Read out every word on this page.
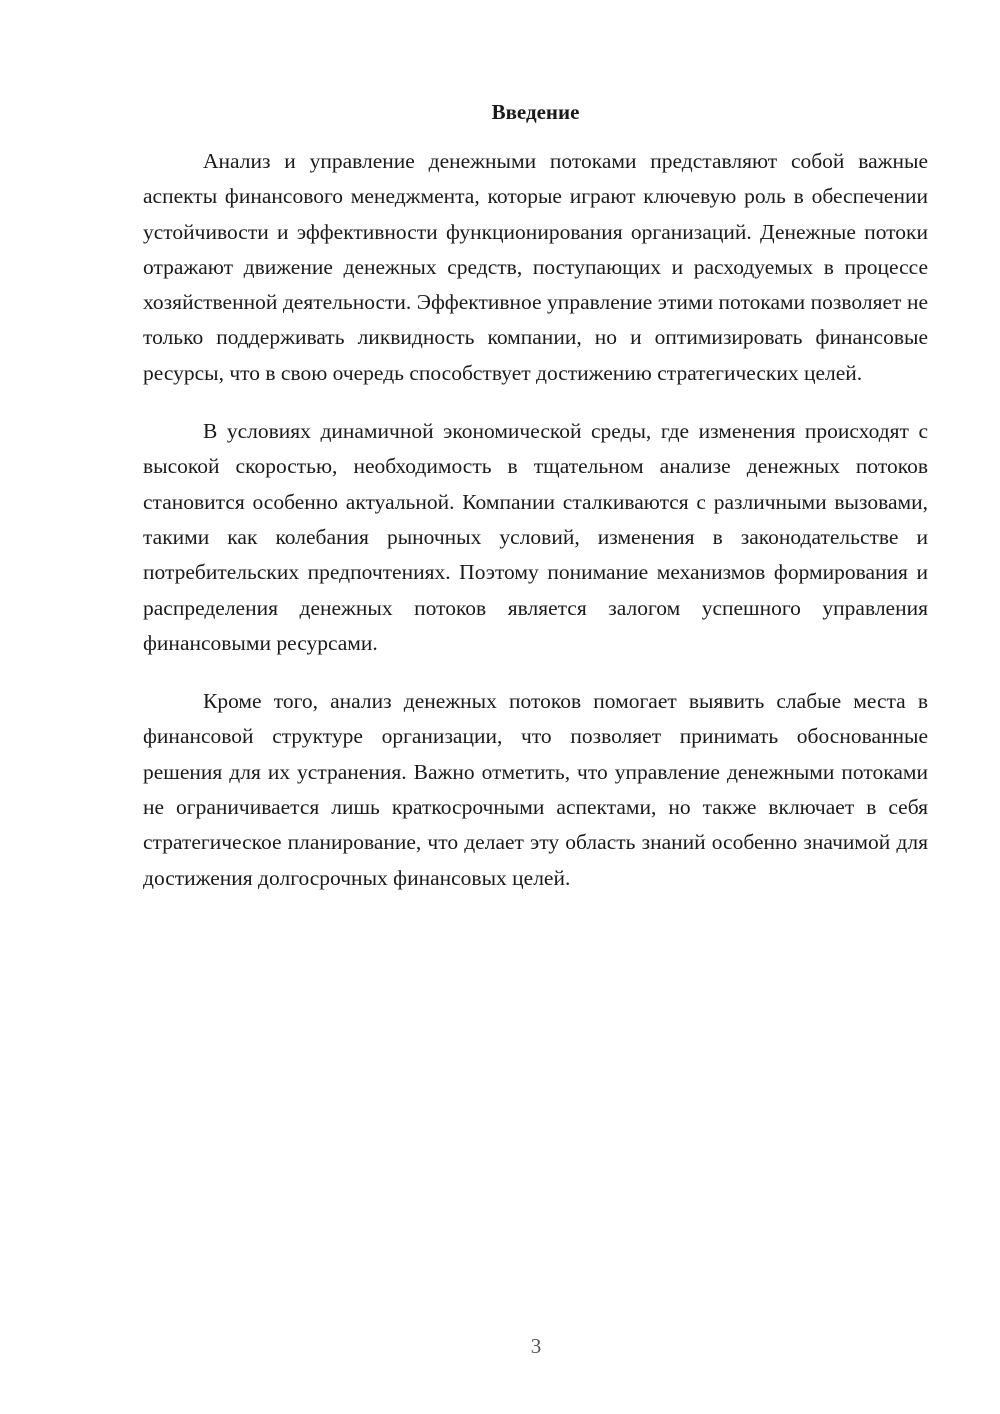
Введение

Анализ и управление денежными потоками представляют собой важные аспекты финансового менеджмента, которые играют ключевую роль в обеспечении устойчивости и эффективности функционирования организаций. Денежные потоки отражают движение денежных средств, поступающих и расходуемых в процессе хозяйственной деятельности. Эффективное управление этими потоками позволяет не только поддерживать ликвидность компании, но и оптимизировать финансовые ресурсы, что в свою очередь способствует достижению стратегических целей.

В условиях динамичной экономической среды, где изменения происходят с высокой скоростью, необходимость в тщательном анализе денежных потоков становится особенно актуальной. Компании сталкиваются с различными вызовами, такими как колебания рыночных условий, изменения в законодательстве и потребительских предпочтениях. Поэтому понимание механизмов формирования и распределения денежных потоков является залогом успешного управления финансовыми ресурсами.

Кроме того, анализ денежных потоков помогает выявить слабые места в финансовой структуре организации, что позволяет принимать обоснованные решения для их устранения. Важно отметить, что управление денежными потоками не ограничивается лишь краткосрочными аспектами, но также включает в себя стратегическое планирование, что делает эту область знаний особенно значимой для достижения долгосрочных финансовых целей.

3
